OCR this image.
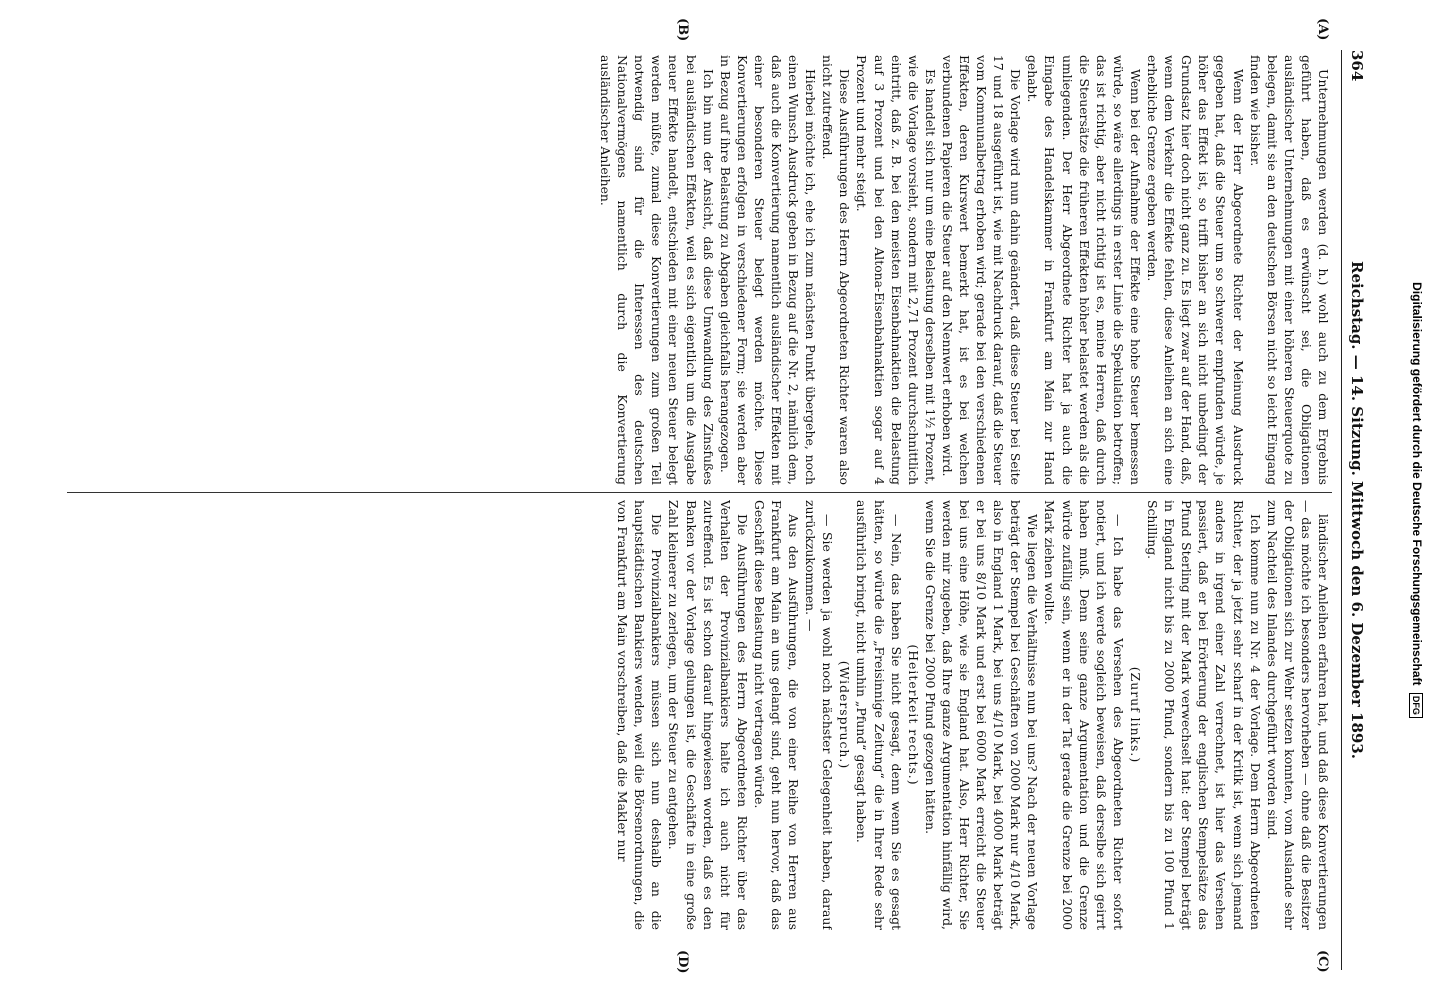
364
Reichstag. — 14. Sitzung. Mittwoch den 6. Dezember 1893.
(A)
(B)
(C)
(D)

Unternehmungen werden (d. h.) wohl auch zu dem Ergebnis geführt haben, daß es erwünscht sei, die Obligationen ausländischer Unternehmungen mit einer höheren Steuerquote zu belegen, damit sie an den deutschen Börsen nicht so leicht Eingang finden wie bisher.

Wenn der Herr Abgeordnete Richter der Meinung Ausdruck gegeben hat, daß die Steuer um so schwerer empfunden würde, je höher das Effekt ist, so trifft bisher an sich nicht unbedingt der Grundsatz hier doch nicht ganz zu. Es liegt zwar auf der Hand, daß, wenn dem Verkehr die Effekte fehlen, diese Anleihen an sich eine erhebliche Grenze ergeben werden.

Wenn bei der Aufnahme der Effekte eine hohe Steuer bemessen würde, so wäre allerdings in erster Linie die Spekulation betroffen; das ist richtig, aber nicht richtig ist es, meine Herren, daß durch die Steuersätze die früheren Effekten höher belastet werden als die umliegenden. Der Herr Abgeordnete Richter hat ja auch die Eingabe des Handelskammer in Frankfurt am Main zur Hand gehabt.

Die Vorlage wird nun dahin geändert, daß diese Steuer bei Seite 17 und 18 ausgeführt ist, wie mit Nachdruck darauf, daß die Steuer vom Kommunalbetrag erhoben wird; gerade bei den verschiedenen Effekten, deren Kurswert bemerkt hat, ist es bei welchen verbundenen Papieren die Steuer auf den Nennwert erhoben wird.

Es handelt sich nur um eine Belastung derselben mit 1½ Prozent, wie die Vorlage vorsieht, sondern mit 2,71 Prozent durchschnittlich eintritt, daß z. B. bei den meisten Eisenbahnaktien die Belastung auf 3 Prozent und bei den Altona-Eisenbahnaktien sogar auf 4 Prozent und mehr steigt.

Diese Ausführungen des Herrn Abgeordneten Richter waren also nicht zutreffend.

Hierbei möchte ich, ehe ich zum nächsten Punkt übergehe, noch einen Wunsch Ausdruck geben in Bezug auf die Nr. 2, nämlich dem, daß auch die Konvertierung namentlich ausländischer Effekten mit einer besonderen Steuer belegt werden möchte. Diese Konvertierungen erfolgen in verschiedener Form; sie werden aber in Bezug auf ihre Belastung zu Abgaben gleichfalls herangezogen.

Ich bin nun der Ansicht, daß diese Umwandlung des Zinsfußes bei ausländischen Effekten, weil es sich eigentlich um die Ausgabe neuer Effekte handelt, entschieden mit einer neuen Steuer belegt werden müßte, zumal diese Konvertierungen zum großen Teil notwendig sind für die Interessen des deutschen Nationalvermögens namentlich durch die Konvertierung ausländischer Anleihen.

ländischer Anleihen erfahren hat, und daß diese Konvertierungen — das möchte ich besonders hervorheben — ohne daß die Besitzer der Obligationen sich zur Wehr setzen konnten, vom Auslande sehr zum Nachteil des Inlandes durchgeführt worden sind.

Ich komme nun zu Nr. 4 der Vorlage. Dem Herrn Abgeordneten Richter, der ja jetzt sehr scharf in der Kritik ist, wenn sich jemand anders in irgend einer Zahl verrechnet, ist hier das Versehen passiert, daß er bei Erörterung der englischen Stempelsätze das Pfund Sterling mit der Mark verwechselt hat: der Stempel beträgt in England nicht bis zu 2000 Pfund, sondern bis zu 100 Pfund 1 Schilling.

(Zuruf links.)

— Ich habe das Versehen des Abgeordneten Richter sofort notiert, und ich werde sogleich beweisen, daß derselbe sich geirrt haben muß. Denn seine ganze Argumentation und die Grenze würde zufällig sein, wenn er in der Tat gerade die Grenze bei 2000 Mark ziehen wollte.

Wie liegen die Verhältnisse nun bei uns? Nach der neuen Vorlage beträgt der Stempel bei Geschäften von 2000 Mark nur 4/10 Mark, also in England 1 Mark, bei uns 4/10 Mark, bei 4000 Mark beträgt er bei uns 8/10 Mark und erst bei 6000 Mark erreicht die Steuer bei uns eine Höhe, wie sie England hat. Also, Herr Richter, Sie werden mir zugeben, daß Ihre ganze Argumentation hinfällig wird, wenn Sie die Grenze bei 2000 Pfund gezogen hätten.

(Heiterkeit rechts.)

— Nein, das haben Sie nicht gesagt, denn wenn Sie es gesagt hätten, so würde die „Freisinnige Zeitung“ die in Ihrer Rede sehr ausführlich bringt, nicht umhin „Pfund“ gesagt haben.

(Widerspruch.)

— Sie werden ja wohl noch nächster Gelegenheit haben, darauf zurückzukommen. —

Aus den Ausführungen, die von einer Reihe von Herren aus Frankfurt am Main an uns gelangt sind, geht nun hervor, daß das Geschäft diese Belastung nicht vertragen würde.

Die Ausführungen des Herrn Abgeordneten Richter über das Verhalten der Provinzialbankiers halte ich auch nicht für zutreffend. Es ist schon darauf hingewiesen worden, daß es den Banken vor der Vorlage gelungen ist, die Geschäfte in eine große Zahl kleinerer zu zerlegen, um der Steuer zu entgehen.

Die Provinzialbankiers müssen sich nun deshalb an die hauptstädtischen Bankiers wenden, weil die Börsenordnungen, die von Frankfurt am Main vorschreiben, daß die Makler nur	Digitalisierung gefördert durch die Deutsche Forschungsgemeinschaft DFG
